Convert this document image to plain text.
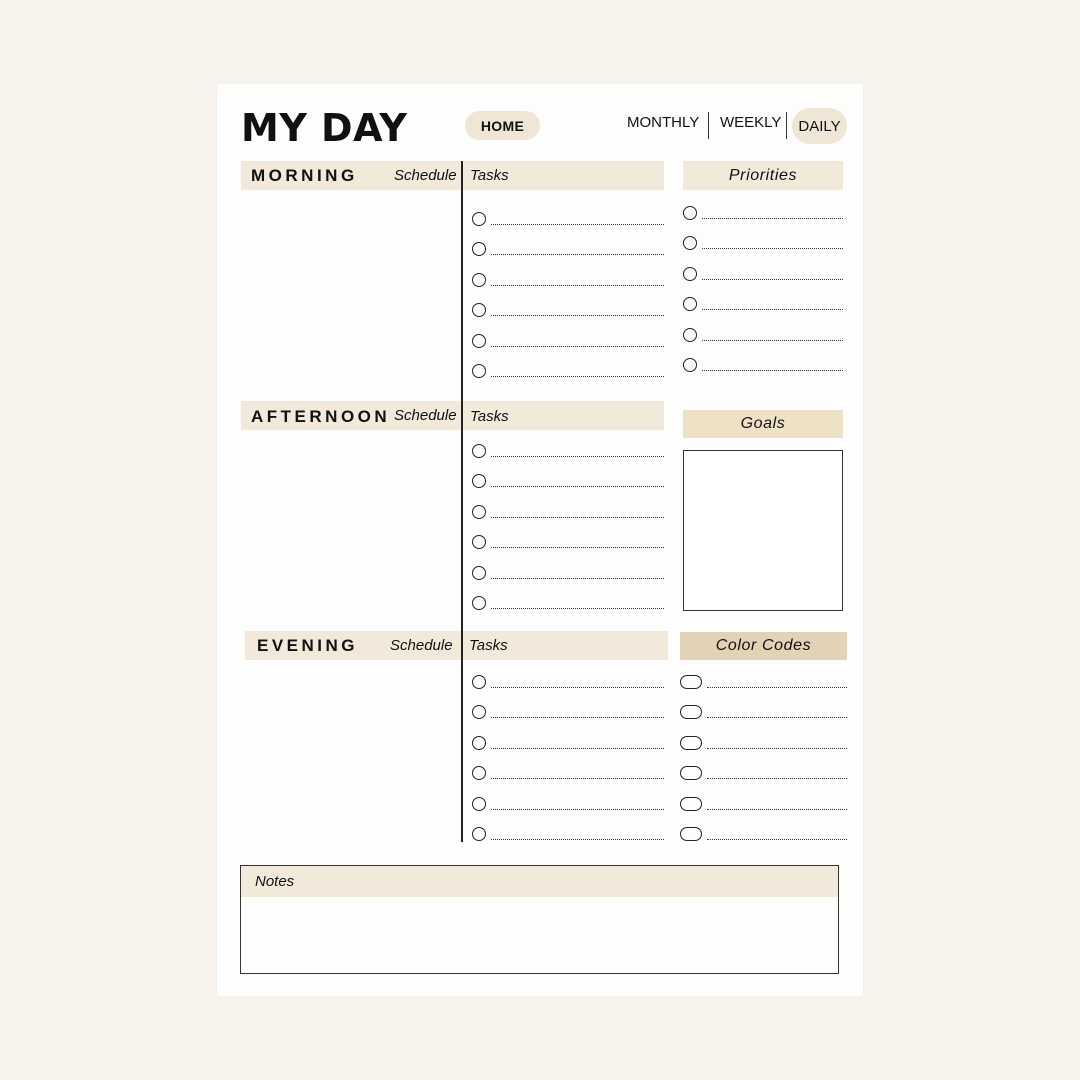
MY DAY	HOME	MONTHLY WEEKLY	DAILY
MORNING Schedule Tasks
AFTERNOON Schedule Tasks
EVENING Schedule Tasks
Priorities
Goals
Color Codes
Notes
